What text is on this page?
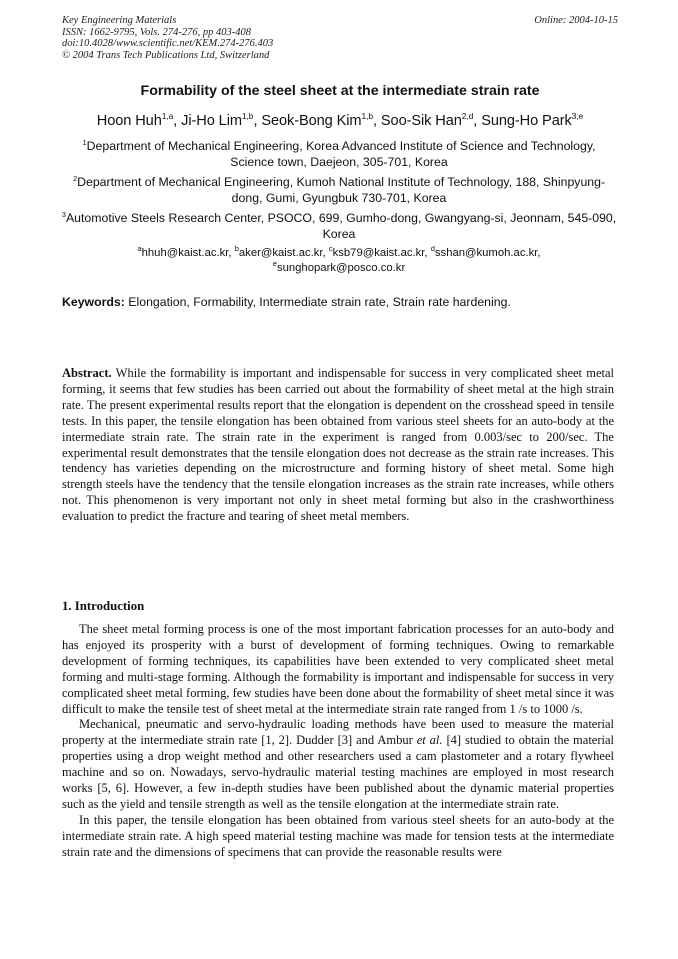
Key Engineering Materials
ISSN: 1662-9795, Vols. 274-276, pp 403-408
doi:10.4028/www.scientific.net/KEM.274-276.403
© 2004 Trans Tech Publications Ltd, Switzerland
Online: 2004-10-15
Formability of the steel sheet at the intermediate strain rate
Hoon Huh$^{1,a}$, Ji-Ho Lim$^{1,b}$, Seok-Bong Kim$^{1,b}$, Soo-Sik Han$^{2,d}$, Sung-Ho Park$^{3,e}$
$^1$Department of Mechanical Engineering, Korea Advanced Institute of Science and Technology, Science town, Daejeon, 305-701, Korea
$^2$Department of Mechanical Engineering, Kumoh National Institute of Technology, 188, Shinpyung-dong, Gumi, Gyungbuk 730-701, Korea
$^3$Automotive Steels Research Center, PSOCO, 699, Gumho-dong, Gwangyang-si, Jeonnam, 545-090, Korea
$^a$hhuh@kaist.ac.kr, $^b$aker@kaist.ac.kr, $^c$ksb79@kaist.ac.kr, $^d$sshan@kumoh.ac.kr,
$^e$sunghopark@posco.co.kr
Keywords: Elongation, Formability, Intermediate strain rate, Strain rate hardening.
Abstract. While the formability is important and indispensable for success in very complicated sheet metal forming, it seems that few studies has been carried out about the formability of sheet metal at the high strain rate. The present experimental results report that the elongation is dependent on the crosshead speed in tensile tests. In this paper, the tensile elongation has been obtained from various steel sheets for an auto-body at the intermediate strain rate. The strain rate in the experiment is ranged from 0.003/sec to 200/sec. The experimental result demonstrates that the tensile elongation does not decrease as the strain rate increases. This tendency has varieties depending on the microstructure and forming history of sheet metal. Some high strength steels have the tendency that the tensile elongation increases as the strain rate increases, while others not. This phenomenon is very important not only in sheet metal forming but also in the crashworthiness evaluation to predict the fracture and tearing of sheet metal members.
1. Introduction

The sheet metal forming process is one of the most important fabrication processes for an auto-body and has enjoyed its prosperity with a burst of development of forming techniques. Owing to remarkable development of forming techniques, its capabilities have been extended to very complicated sheet metal forming and multi-stage forming. Although the formability is important and indispensable for success in very complicated sheet metal forming, few studies have been done about the formability of sheet metal since it was difficult to make the tensile test of sheet metal at the intermediate strain rate ranged from 1 /s to 1000 /s.

Mechanical, pneumatic and servo-hydraulic loading methods have been used to measure the material property at the intermediate strain rate [1, 2]. Dudder [3] and Ambur et al. [4] studied to obtain the material properties using a drop weight method and other researchers used a cam plastometer and a rotary flywheel machine and so on. Nowadays, servo-hydraulic material testing machines are employed in most research works [5, 6]. However, a few in-depth studies have been published about the dynamic material properties such as the yield and tensile strength as well as the tensile elongation at the intermediate strain rate.

In this paper, the tensile elongation has been obtained from various steel sheets for an auto-body at the intermediate strain rate. A high speed material testing machine was made for tension tests at the intermediate strain rate and the dimensions of specimens that can provide the reasonable results were
